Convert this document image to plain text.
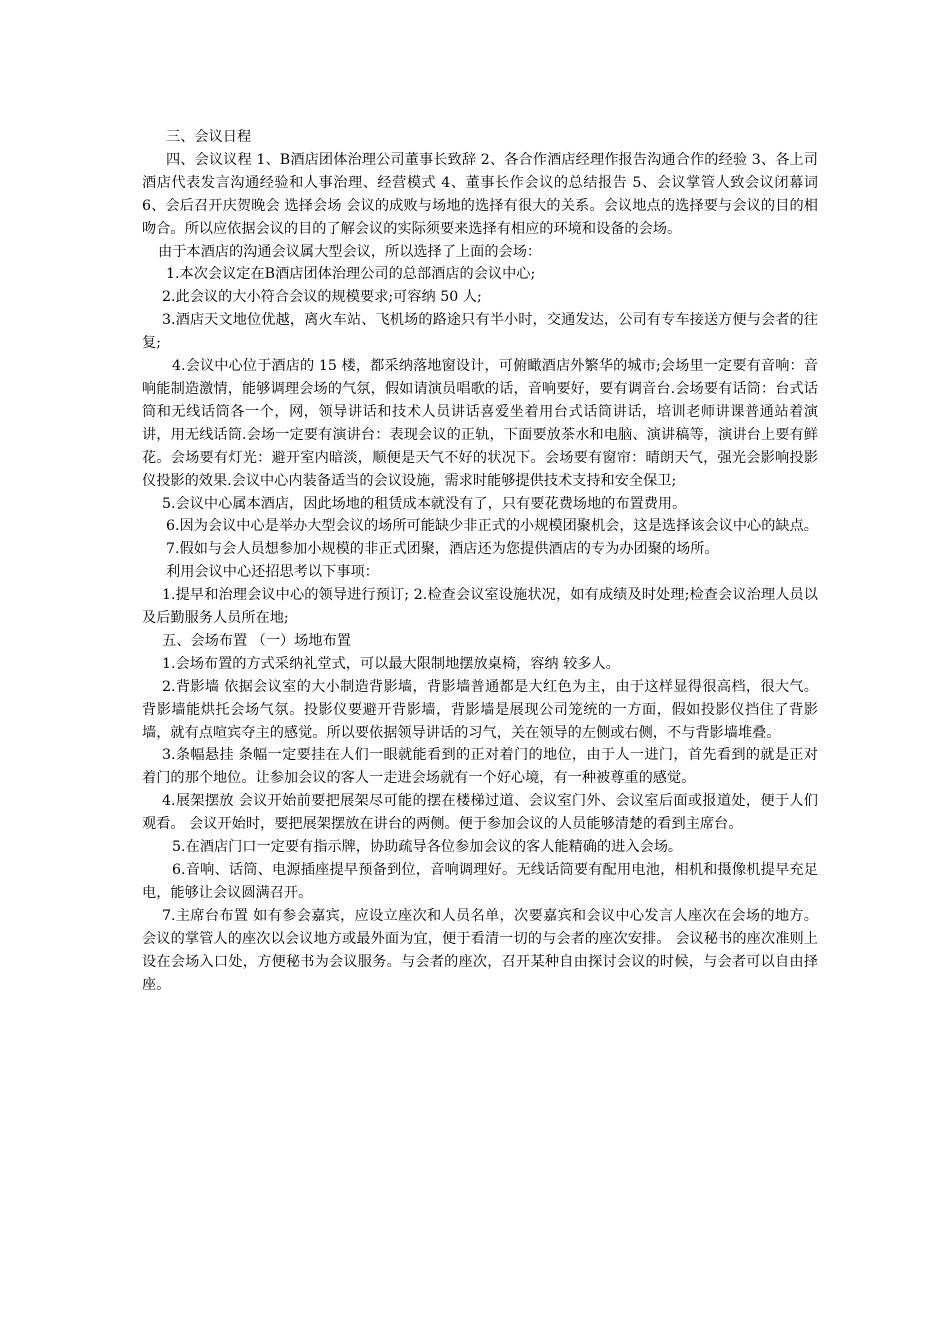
三、会议日程

四、会议议程 1、B酒店团体治理公司董事长致辞 2、各合作酒店经理作报告沟通合作的经验 3、各上司酒店代表发言沟通经验和人事治理、经营模式 4、董事长作会议的总结报告 5、会议掌管人致会议闭幕词 6、会后召开庆贺晚会 选择会场 会议的成败与场地的选择有很大的关系。会议地点的选择要与会议的目的相吻合。所以应依据会议的目的了解会议的实际须要来选择有相应的环境和设备的会场。

由于本酒店的沟通会议属大型会议，所以选择了上面的会场：

1.本次会议定在B酒店团体治理公司的总部酒店的会议中心;

2.此会议的大小符合会议的规模要求;可容纳 50 人;

3.酒店天文地位优越，离火车站、飞机场的路途只有半小时，交通发达，公司有专车接送方便与会者的往复;

4.会议中心位于酒店的 15 楼，都采纳落地窗设计，可俯瞰酒店外繁华的城市;会场里一定要有音响：音响能制造激情，能够调理会场的气氛，假如请演员唱歌的话，音响要好，要有调音台.会场要有话筒：台式话筒和无线话筒各一个，网，领导讲话和技术人员讲话喜爱坐着用台式话筒讲话，培训老师讲课普通站着演讲，用无线话筒.会场一定要有演讲台：表现会议的正轨，下面要放茶水和电脑、演讲稿等，演讲台上要有鲜花。会场要有灯光：避开室内暗淡，顺便是天气不好的状况下。会场要有窗帘：晴朗天气，强光会影响投影仪投影的效果.会议中心内装备适当的会议设施，需求时能够提供技术支持和安全保卫;

5.会议中心属本酒店，因此场地的租赁成本就没有了，只有要花费场地的布置费用。

6.因为会议中心是举办大型会议的场所可能缺少非正式的小规模团聚机会，这是选择该会议中心的缺点。

7.假如与会人员想参加小规模的非正式团聚，酒店还为您提供酒店的专为办团聚的场所。

利用会议中心还招思考以下事项：

1.提早和治理会议中心的领导进行预订; 2.检查会议室设施状况，如有成绩及时处理;检查会议治理人员以及后勤服务人员所在地;

五、会场布置 （一）场地布置

1.会场布置的方式采纳礼堂式，可以最大限制地摆放桌椅，容纳 较多人。

2.背影墙 依据会议室的大小制造背影墙，背影墙普通都是大红色为主，由于这样显得很高档，很大气。背影墙能烘托会场气氛。投影仪要避开背影墙，背影墙是展现公司笼统的一方面，假如投影仪挡住了背影墙，就有点喧宾夺主的感觉。所以要依据领导讲话的习气，关在领导的左侧或右侧，不与背影墙堆叠。

3.条幅悬挂 条幅一定要挂在人们一眼就能看到的正对着门的地位，由于人一进门，首先看到的就是正对着门的那个地位。让参加会议的客人一走进会场就有一个好心境，有一种被尊重的感觉。

4.展架摆放 会议开始前要把展架尽可能的摆在楼梯过道、会议室门外、会议室后面或报道处，便于人们观看。 会议开始时，要把展架摆放在讲台的两侧。便于参加会议的人员能够清楚的看到主席台。

5.在酒店门口一定要有指示牌，协助疏导各位参加会议的客人能精确的进入会场。

6.音响、话筒、电源插座提早预备到位，音响调理好。无线话筒要有配用电池，相机和摄像机提早充足电，能够让会议圆满召开。

7.主席台布置 如有参会嘉宾，应设立座次和人员名单，次要嘉宾和会议中心发言人座次在会场的地方。 会议的掌管人的座次以会议地方或最外面为宜，便于看清一切的与会者的座次安排。 会议秘书的座次准则上设在会场入口处，方便秘书为会议服务。与会者的座次，召开某种自由探讨会议的时候，与会者可以自由择座。
